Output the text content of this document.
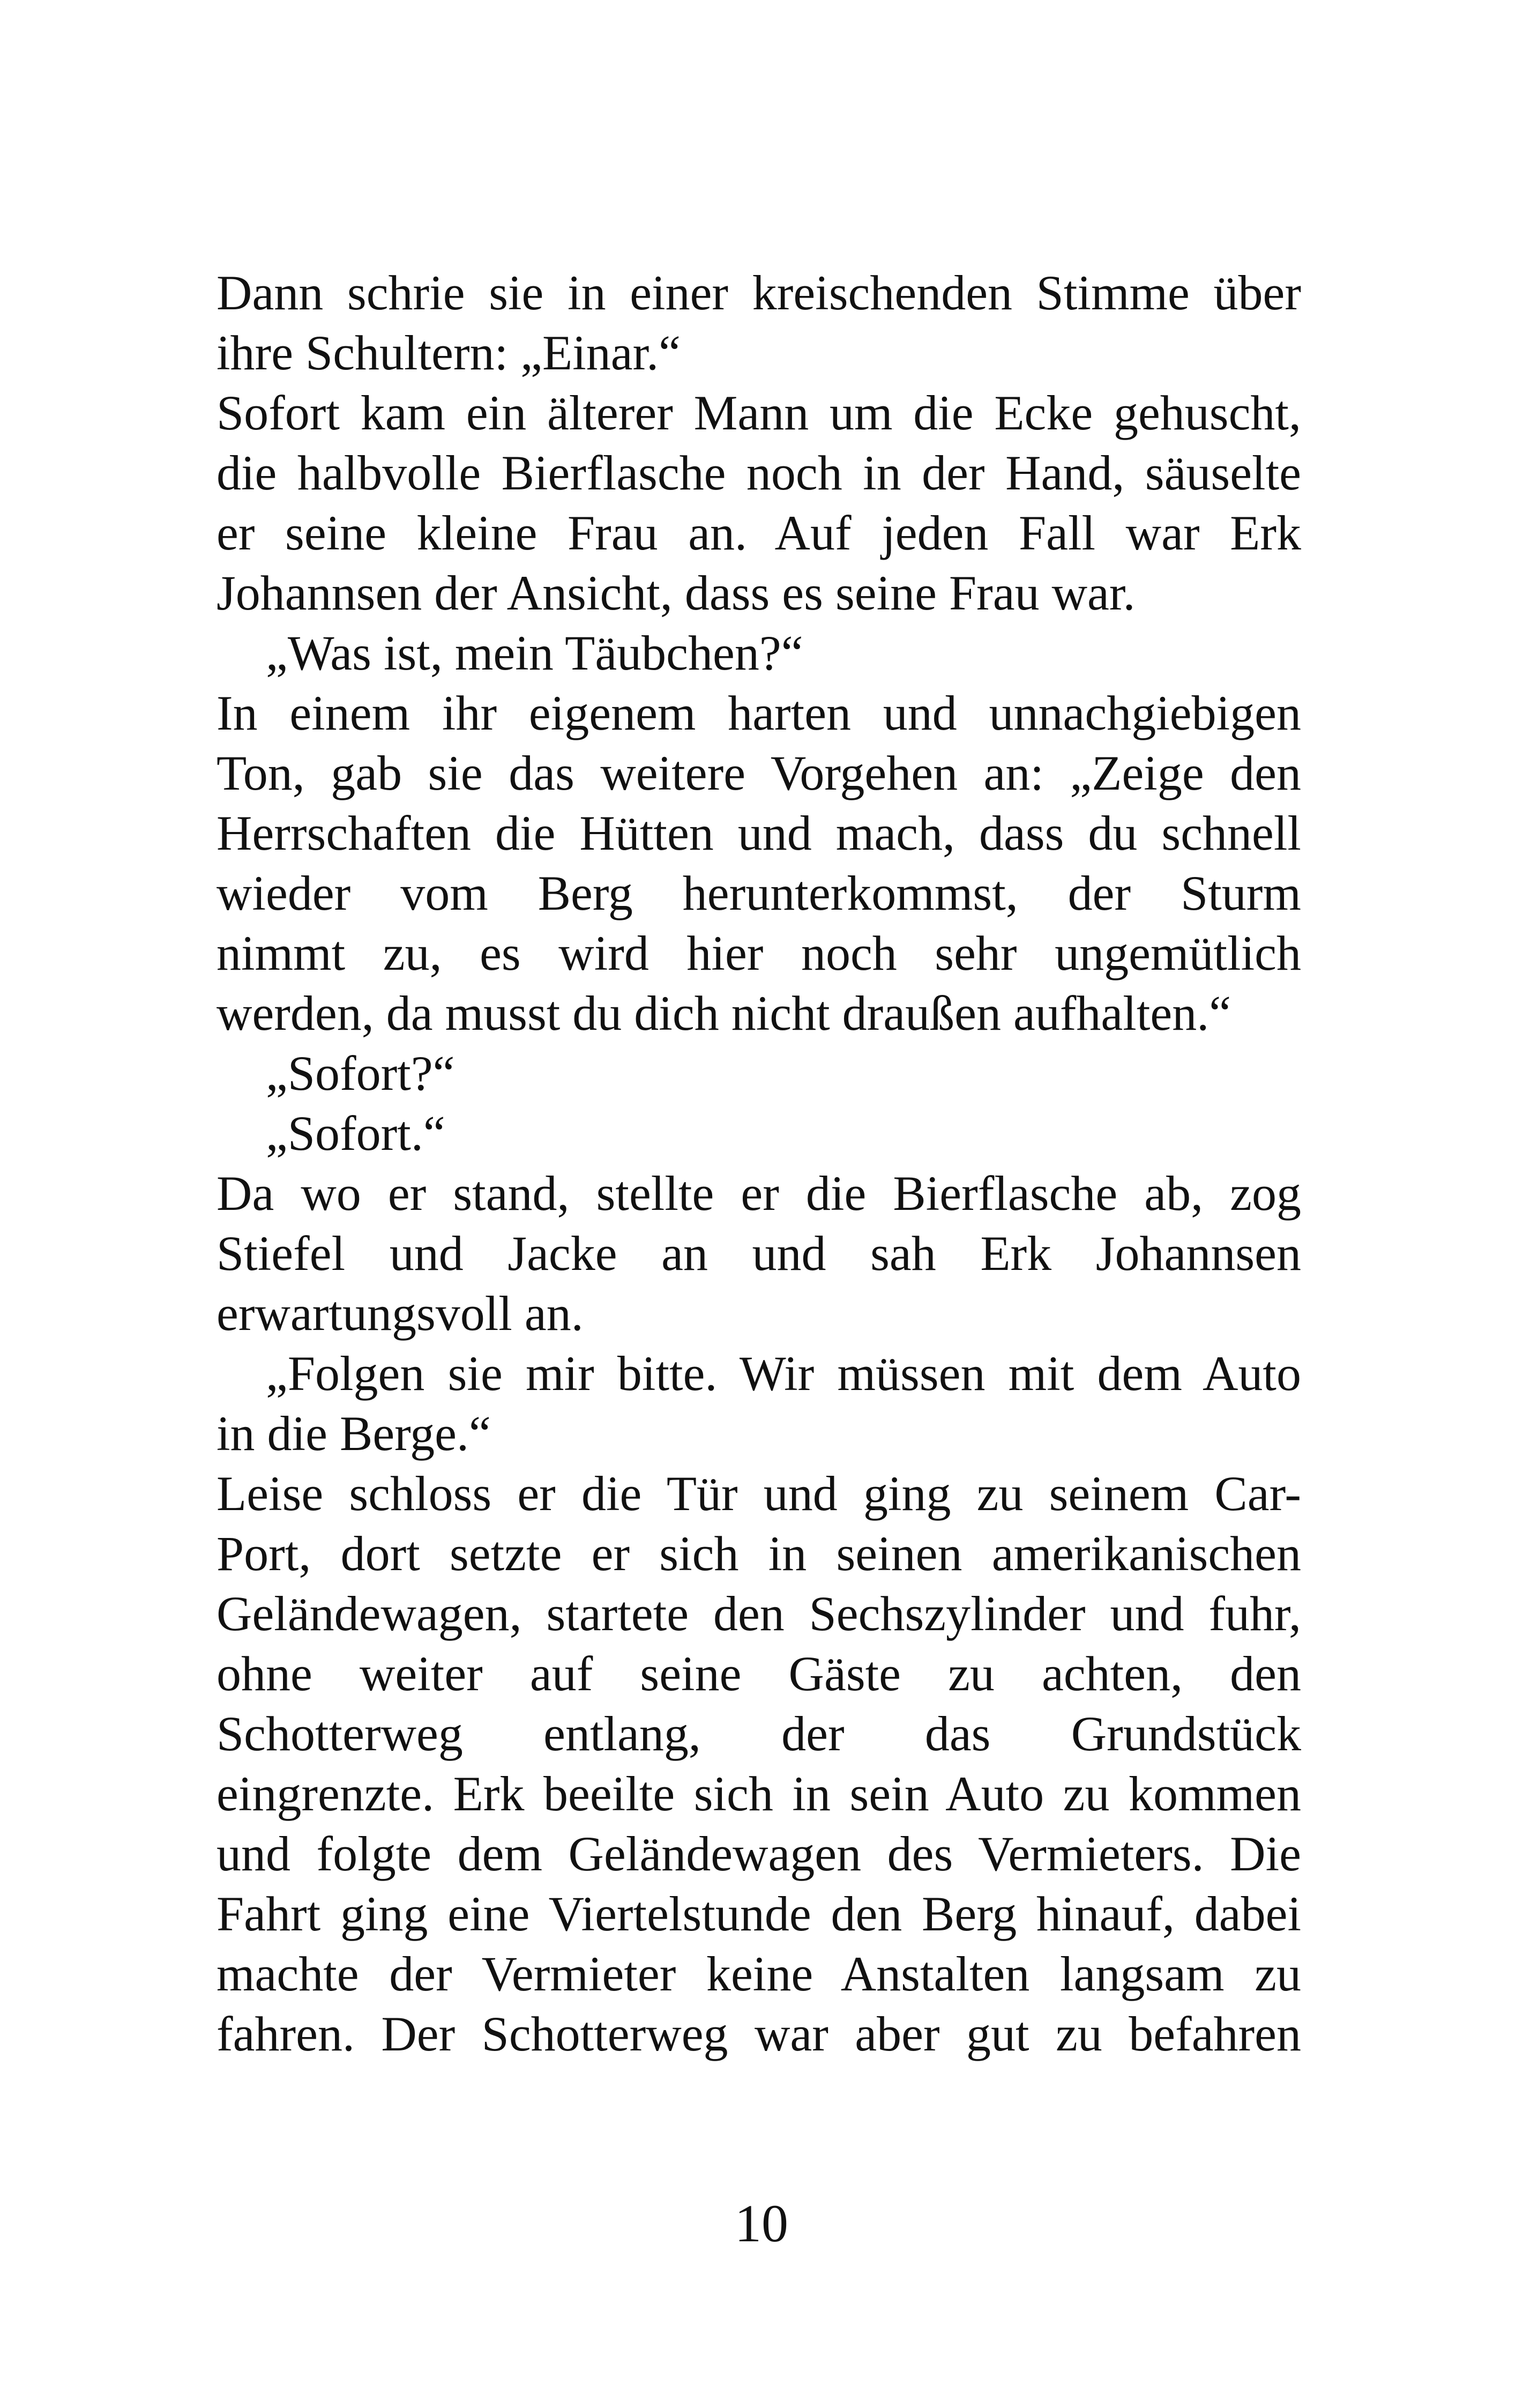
Dann schrie sie in einer kreischenden Stimme über
ihre Schultern: „Einar.“
Sofort kam ein älterer Mann um die Ecke gehuscht,
die halbvolle Bierflasche noch in der Hand, säuselte
er seine kleine Frau an. Auf jeden Fall war Erk
Johannsen der Ansicht, dass es seine Frau war.
„Was ist, mein Täubchen?“
In einem ihr eigenem harten und unnachgiebigen
Ton, gab sie das weitere Vorgehen an: „Zeige den
Herrschaften die Hütten und mach, dass du schnell
wieder vom Berg herunterkommst, der Sturm
nimmt zu, es wird hier noch sehr ungemütlich
werden, da musst du dich nicht draußen aufhalten.“
„Sofort?“
„Sofort.“
Da wo er stand, stellte er die Bierflasche ab, zog
Stiefel und Jacke an und sah Erk Johannsen
erwartungsvoll an.
„Folgen sie mir bitte. Wir müssen mit dem Auto
in die Berge.“
Leise schloss er die Tür und ging zu seinem Car-
Port, dort setzte er sich in seinen amerikanischen
Geländewagen, startete den Sechszylinder und fuhr,
ohne weiter auf seine Gäste zu achten, den
Schotterweg entlang, der das Grundstück
eingrenzte. Erk beeilte sich in sein Auto zu kommen
und folgte dem Geländewagen des Vermieters. Die
Fahrt ging eine Viertelstunde den Berg hinauf, dabei
machte der Vermieter keine Anstalten langsam zu
fahren. Der Schotterweg war aber gut zu befahren
10
